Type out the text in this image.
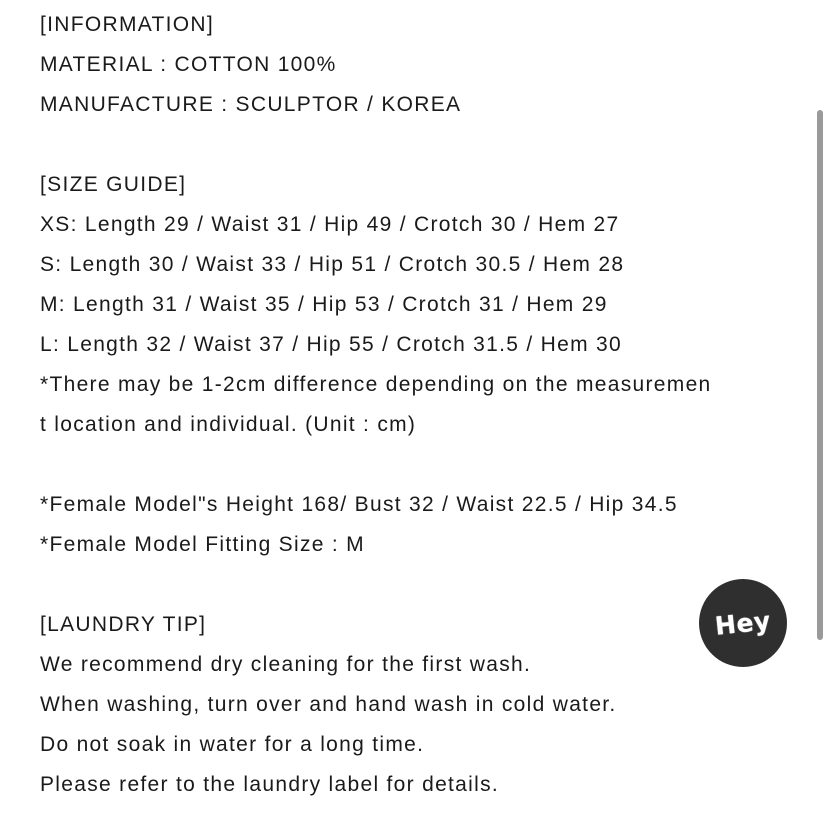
[INFORMATION]
MATERIAL : COTTON 100%
MANUFACTURE : SCULPTOR / KOREA
[SIZE GUIDE]
XS: Length 29 / Waist 31 / Hip 49 / Crotch 30 / Hem 27
S: Length 30 / Waist 33 / Hip 51 / Crotch 30.5 / Hem 28
M: Length 31 / Waist 35 / Hip 53 / Crotch 31 / Hem 29
L: Length 32 / Waist 37 / Hip 55 / Crotch 31.5 / Hem 30
*There may be 1-2cm difference depending on the measuremen
t location and individual. (Unit : cm)
*Female Model"s Height 168/ Bust 32 / Waist 22.5 / Hip 34.5
*Female Model Fitting Size : M
[LAUNDRY TIP]
We recommend dry cleaning for the first wash.
When washing, turn over and hand wash in cold water.
Do not soak in water for a long time.
Please refer to the laundry label for details.
Hey
